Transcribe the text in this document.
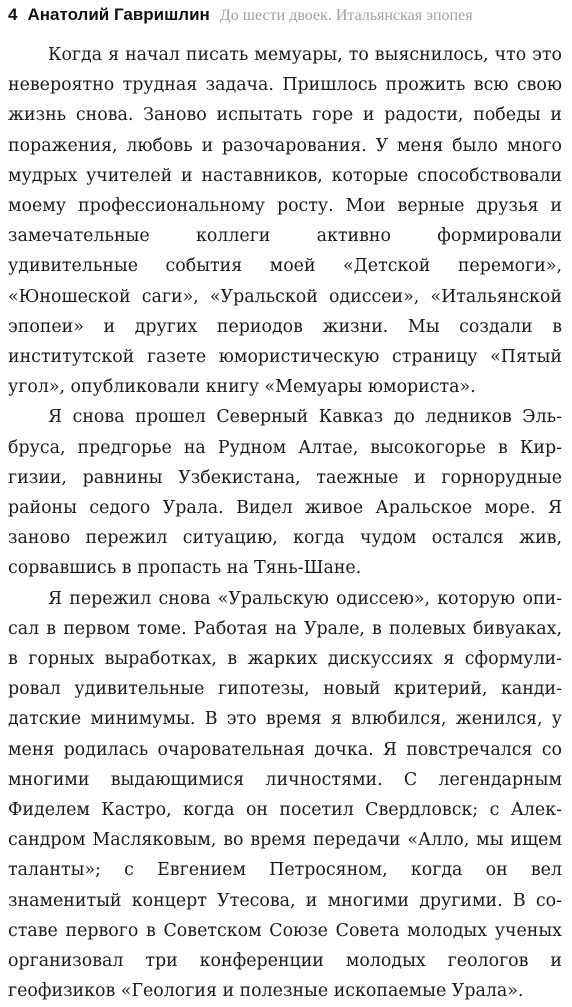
4 Анатолий Гавришлин До шести двоек. Итальянская эпопея

Когда я начал писать мемуары, то выяснилось, что это невероятно трудная задача. Пришлось прожить всю свою жизнь снова. Заново испытать горе и радости, победы и поражения, любовь и разочарования. У меня было много мудрых учителей и наставников, которые способствовали моему профессиональному росту. Мои верные друзья и замечательные коллеги активно формировали удивительные события моей «Детской перемоги», «Юношеской саги», «Уральской одиссеи», «Итальянской эпопеи» и других периодов жизни. Мы создали в институтской газете юмористическую страницу «Пятый угол», опубликовали книгу «Мемуары юмориста».

Я снова прошел Северный Кавказ до ледников Эльбруса, предгорье на Рудном Алтае, высокогорье в Киргизии, равнины Узбекистана, таежные и горнорудные районы седого Урала. Видел живое Аральское море. Я заново пережил ситуацию, когда чудом остался жив, сорвавшись в пропасть на Тянь-Шане.

Я пережил снова «Уральскую одиссею», которую описал в первом томе. Работая на Урале, в полевых бивуаках, в горных выработках, в жарких дискуссиях я сформулировал удивительные гипотезы, новый критерий, кандидатские минимумы. В это время я влюбился, женился, у меня родилась очаровательная дочка. Я повстречался со многими выдающимися личностями. С легендарным Фиделем Кастро, когда он посетил Свердловск; с Александром Масляковым, во время передачи «Алло, мы ищем таланты»; с Евгением Петросяном, когда он вел знаменитый концерт Утесова, и многими другими. В составе первого в Советском Союзе Совета молодых ученых организовал три конференции молодых геологов и геофизиков «Геология и полезные ископаемые Урала».
